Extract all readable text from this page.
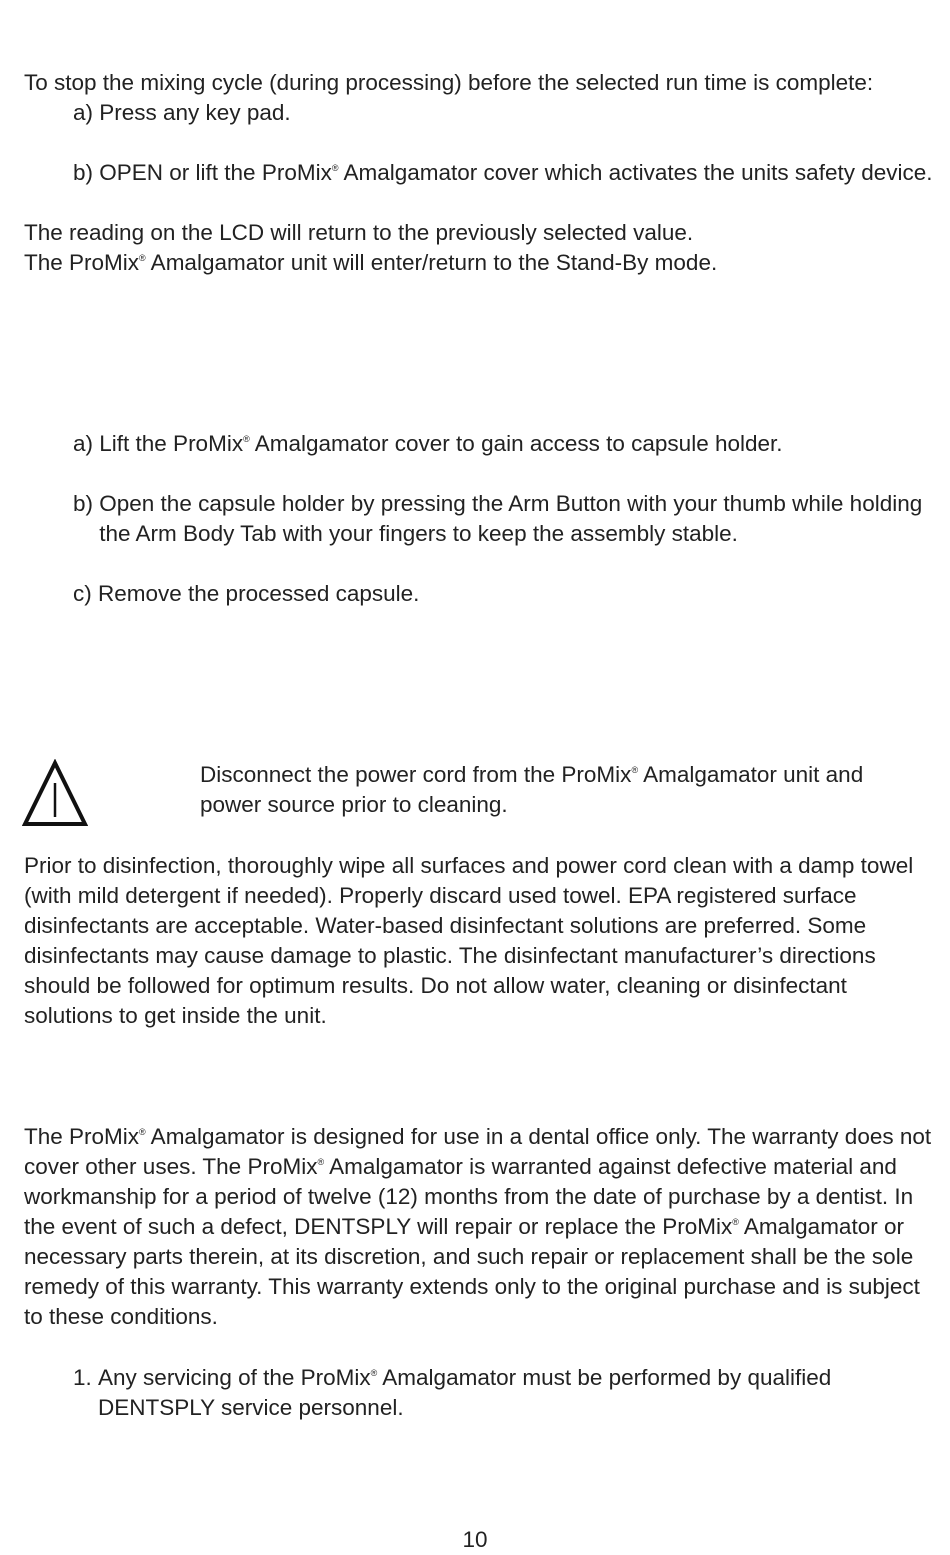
To stop the mixing cycle (during processing) before the selected run time is complete:

a) Press any key pad.
b) OPEN or lift the ProMix® Amalgamator cover which activates the units safety device.

The reading on the LCD will return to the previously selected value.

The ProMix® Amalgamator unit will enter/return to the Stand-By mode.

a) Lift the ProMix® Amalgamator cover to gain access to capsule holder.
b) Open the capsule holder by pressing the Arm Button with your thumb while holding the Arm Body Tab with your fingers to keep the assembly stable.
c) Remove the processed capsule.

Disconnect the power cord from the ProMix® Amalgamator unit and power source prior to cleaning.

Prior to disinfection, thoroughly wipe all surfaces and power cord clean with a damp towel (with mild detergent if needed). Properly discard used towel. EPA registered surface disinfectants are acceptable. Water-based disinfectant solutions are preferred. Some disinfectants may cause damage to plastic. The disinfectant manufacturer’s directions should be followed for optimum results. Do not allow water, cleaning or disinfectant solutions to get inside the unit.

The ProMix® Amalgamator is designed for use in a dental office only. The warranty does not cover other uses. The ProMix® Amalgamator is warranted against defective material and workmanship for a period of twelve (12) months from the date of purchase by a dentist. In the event of such a defect, DENTSPLY will repair or replace the ProMix® Amalgamator or necessary parts therein, at its discretion, and such repair or replacement shall be the sole remedy of this warranty. This warranty extends only to the original purchase and is subject to these conditions.

1. Any servicing of the ProMix® Amalgamator must be performed by qualified DENTSPLY service personnel.
10
